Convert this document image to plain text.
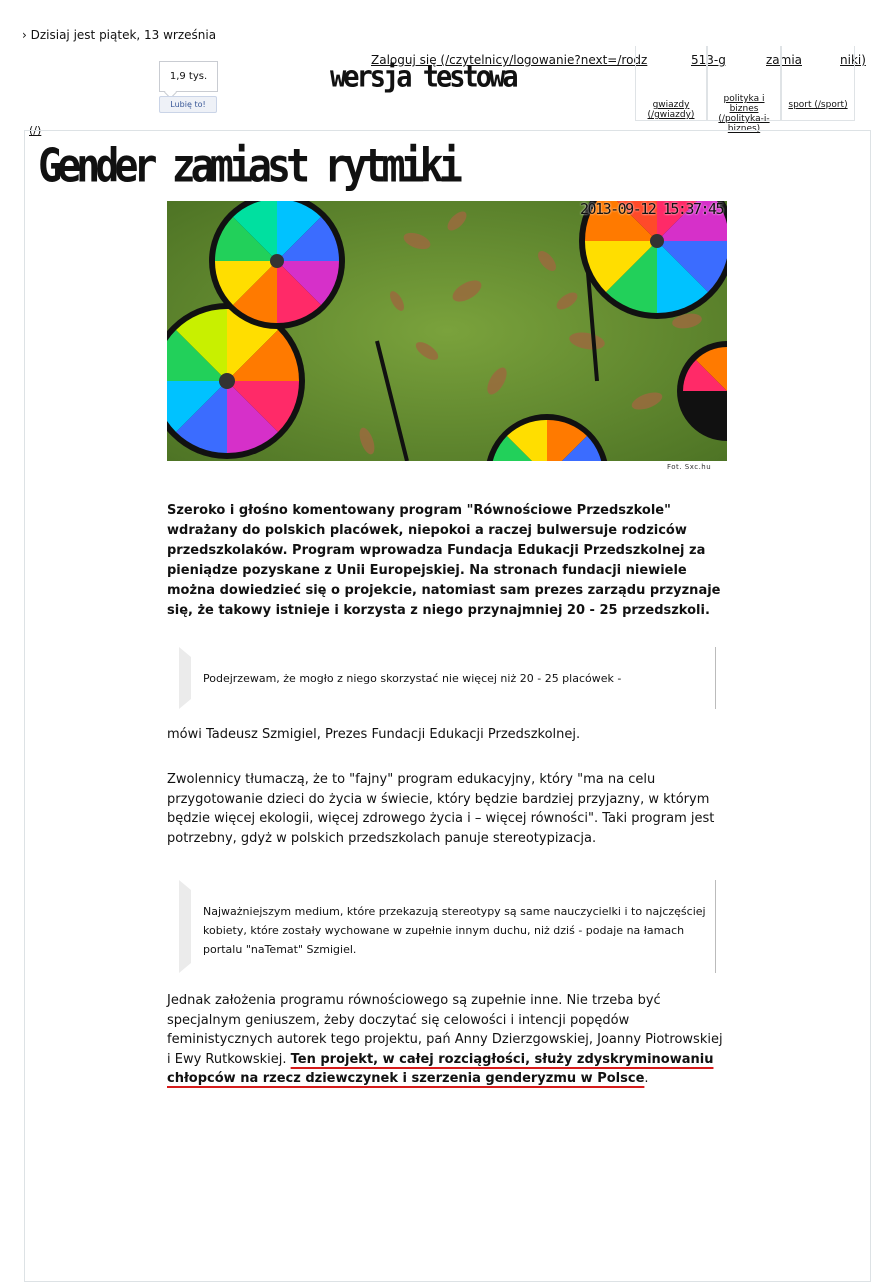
› Dzisiaj jest piątek, 13 września
1,9 tys.
Lubię to!
wersja testowa
Zaloguj się (/czytelnicy/logowanie?next=/rodz	513-g	zamia	niki)
gwiazdy (/gwiazdy)
polityka i biznes (/polityka-i-biznes)
sport (/sport)
(/)
Gender zamiast rytmiki
2013-09-12 15:37:45
Fot. Sxc.hu

Szeroko i głośno komentowany program "Równościowe Przedszkole" wdrażany do polskich placówek, niepokoi a raczej bulwersuje rodziców przedszkolaków. Program wprowadza Fundacja Edukacji Przedszkolnej za pieniądze pozyskane z Unii Europejskiej. Na stronach fundacji niewiele można dowiedzieć się o projekcie, natomiast sam prezes zarządu przyznaje się, że takowy istnieje i korzysta z niego przynajmniej 20 - 25 przedszkoli.

Podejrzewam, że mogło z niego skorzystać nie więcej niż 20 - 25 placówek -

mówi Tadeusz Szmigiel, Prezes Fundacji Edukacji Przedszkolnej.

Zwolennicy tłumaczą, że to "fajny" program edukacyjny, który "ma na celu przygotowanie dzieci do życia w świecie, który będzie bardziej przyjazny, w którym będzie więcej ekologii, więcej zdrowego życia i – więcej równości". Taki program jest potrzebny, gdyż w polskich przedszkolach panuje stereotypizacja.

Najważniejszym medium, które przekazują stereotypy są same nauczycielki i to najczęściej kobiety, które zostały wychowane w zupełnie innym duchu, niż dziś - podaje na łamach portalu "naTemat" Szmigiel.

Jednak założenia programu równościowego są zupełnie inne. Nie trzeba być specjalnym geniuszem, żeby doczytać się celowości i intencji popędów feministycznych autorek tego projektu, pań Anny Dzierzgowskiej, Joanny Piotrowskiej i Ewy Rutkowskiej. Ten projekt, w całej rozciągłości, służy zdyskryminowaniu chłopców na rzecz dziewczynek i szerzenia genderyzmu w Polsce.
